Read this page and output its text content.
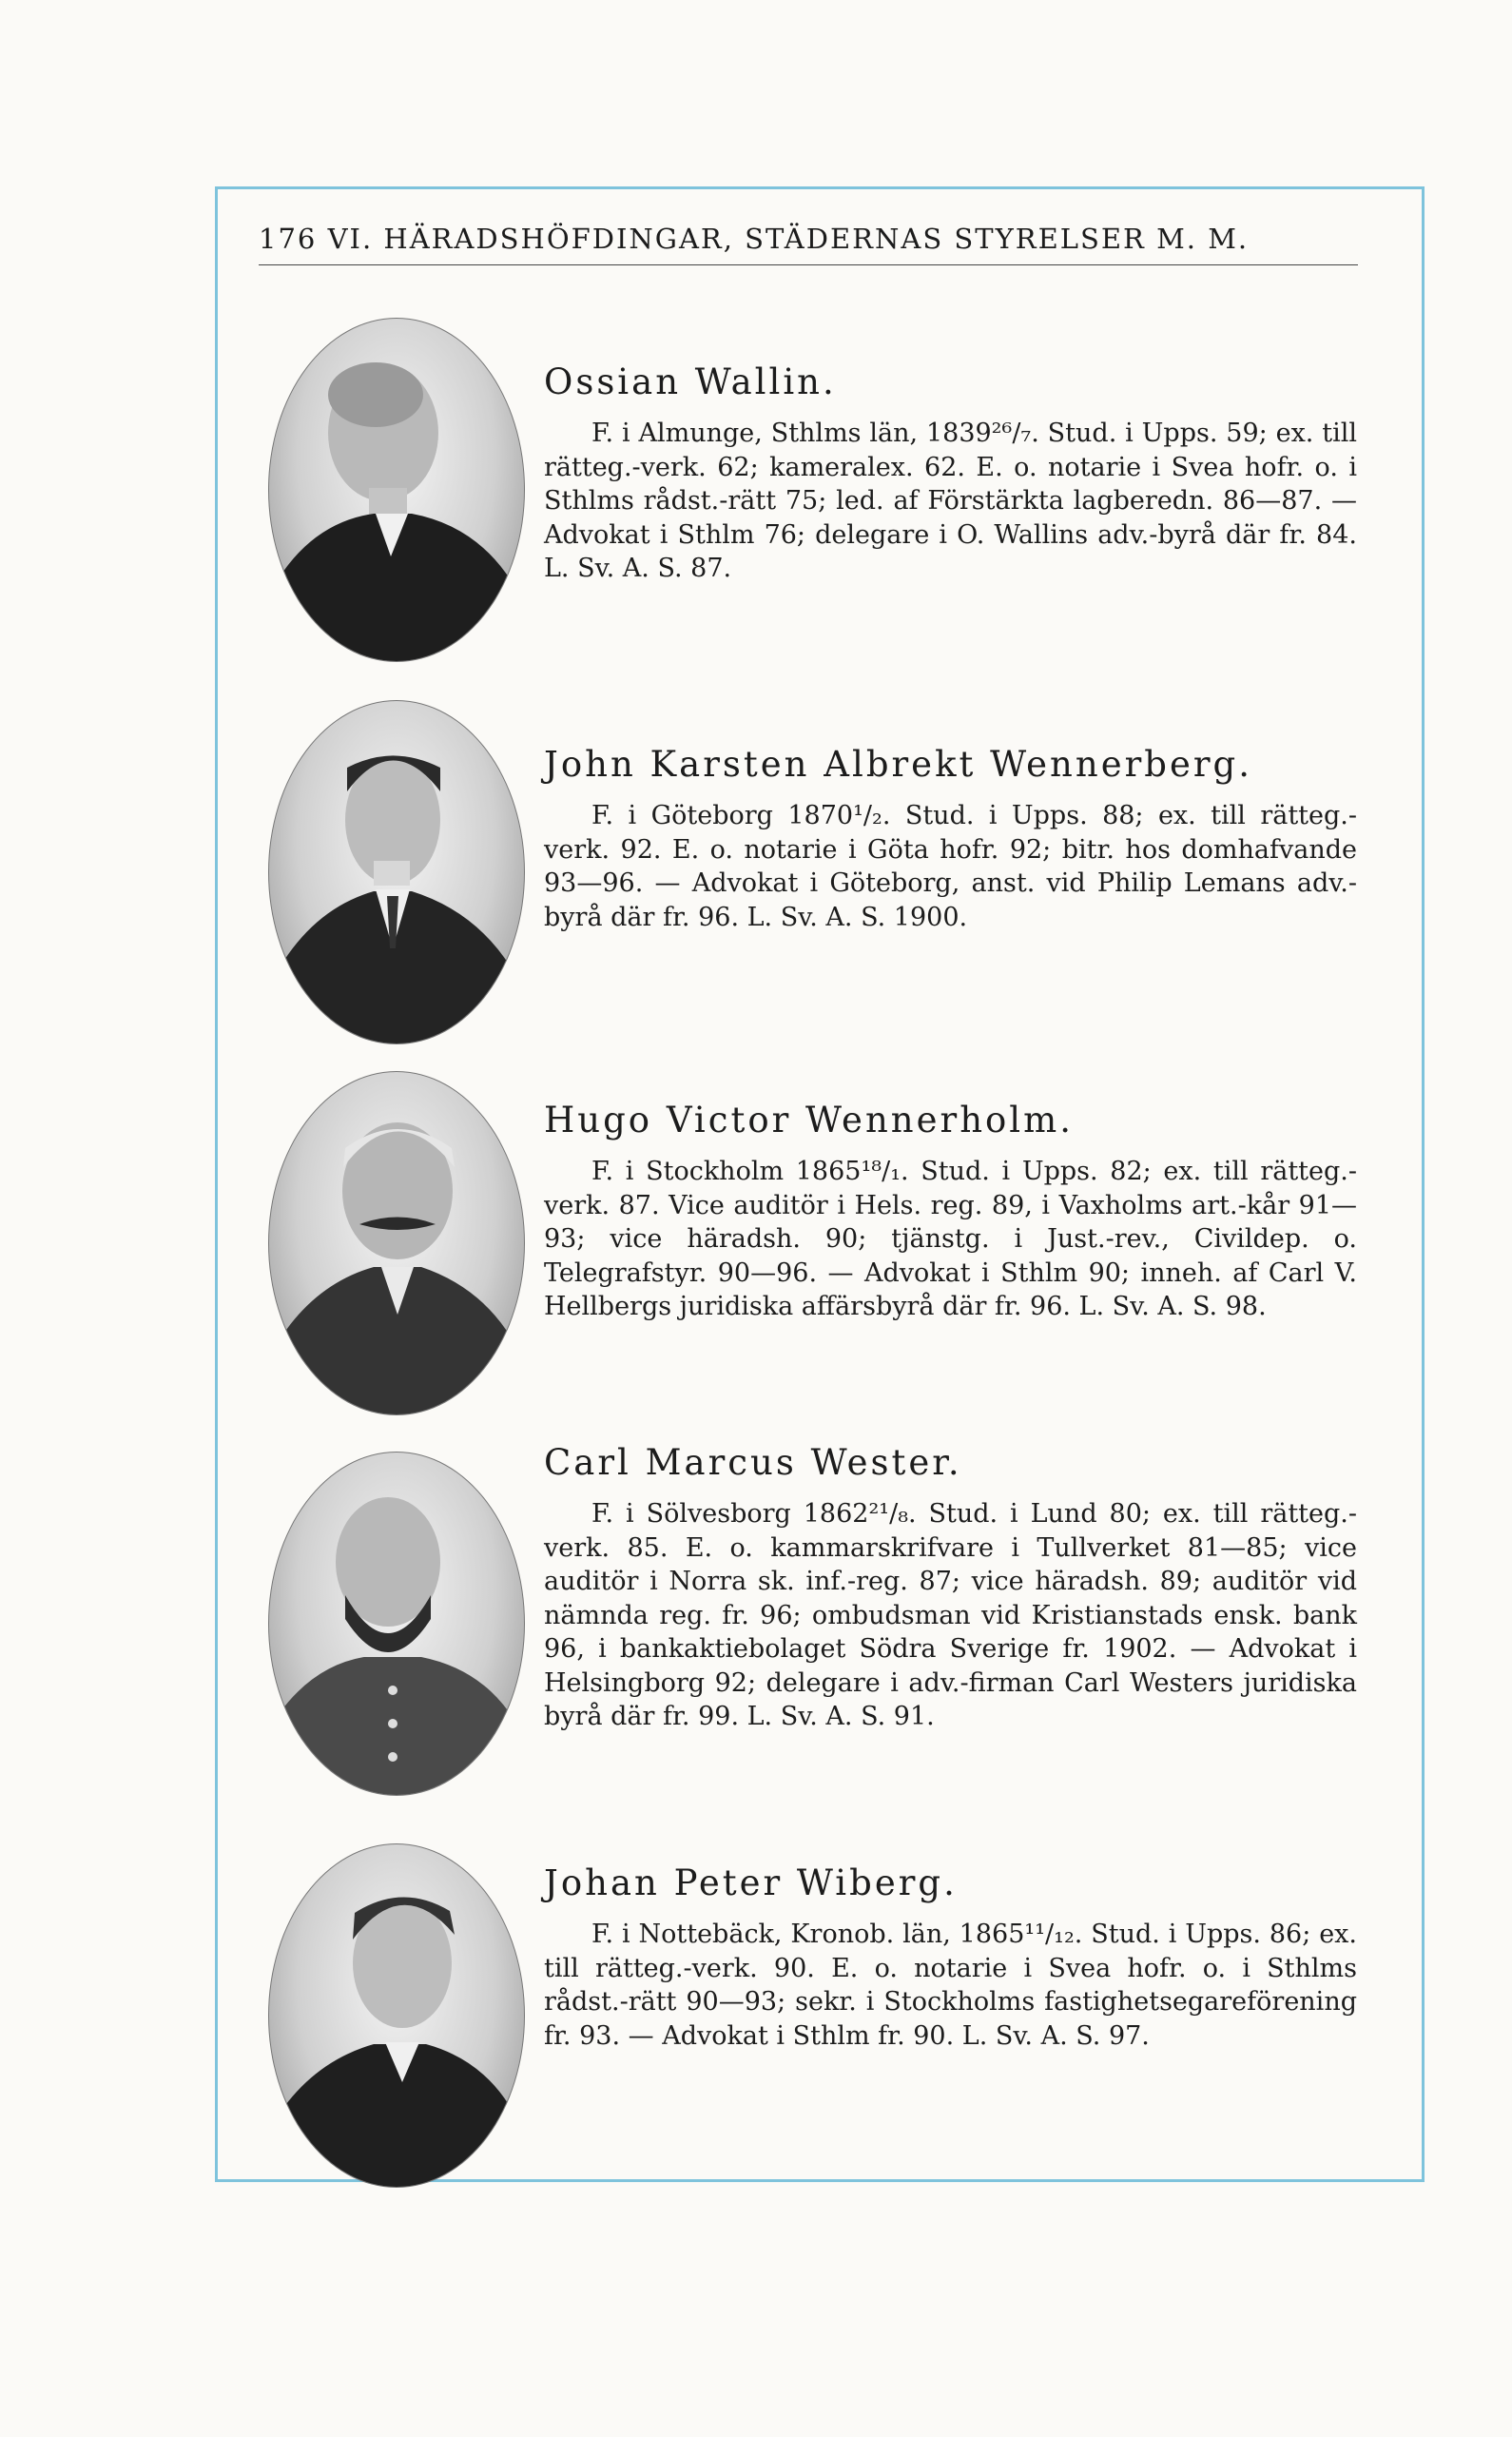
176 VI. HÄRADSHÖFDINGAR, STÄDERNAS STYRELSER M. M.

Ossian Wallin.

F. i Almunge, Sthlms län, 1839²⁶/₇. Stud. i Upps. 59; ex. till rätteg.-verk. 62; kameralex. 62. E. o. notarie i Svea hofr. o. i Sthlms rådst.-rätt 75; led. af Förstärkta lagberedn. 86—87. — Advokat i Sthlm 76; delegare i O. Wallins adv.-byrå där fr. 84. L. Sv. A. S. 87.

John Karsten Albrekt Wennerberg.

F. i Göteborg 1870¹/₂. Stud. i Upps. 88; ex. till rätteg.-verk. 92. E. o. notarie i Göta hofr. 92; bitr. hos domhafvande 93—96. — Advokat i Göteborg, anst. vid Philip Lemans adv.-byrå där fr. 96. L. Sv. A. S. 1900.

Hugo Victor Wennerholm.

F. i Stockholm 1865¹⁸/₁. Stud. i Upps. 82; ex. till rätteg.-verk. 87. Vice auditör i Hels. reg. 89, i Vaxholms art.-kår 91—93; vice häradsh. 90; tjänstg. i Just.-rev., Civildep. o. Telegrafstyr. 90—96. — Advokat i Sthlm 90; inneh. af Carl V. Hellbergs juridiska affärsbyrå där fr. 96. L. Sv. A. S. 98.

Carl Marcus Wester.

F. i Sölvesborg 1862²¹/₈. Stud. i Lund 80; ex. till rätteg.-verk. 85. E. o. kammarskrifvare i Tullverket 81—85; vice auditör i Norra sk. inf.-reg. 87; vice häradsh. 89; auditör vid nämnda reg. fr. 96; ombudsman vid Kristianstads ensk. bank 96, i bankaktiebolaget Södra Sverige fr. 1902. — Advokat i Helsingborg 92; delegare i adv.-firman Carl Westers juridiska byrå där fr. 99. L. Sv. A. S. 91.

Johan Peter Wiberg.

F. i Nottebäck, Kronob. län, 1865¹¹/₁₂. Stud. i Upps. 86; ex. till rätteg.-verk. 90. E. o. notarie i Svea hofr. o. i Sthlms rådst.-rätt 90—93; sekr. i Stockholms fastighetsegareförening fr. 93. — Advokat i Sthlm fr. 90. L. Sv. A. S. 97.
